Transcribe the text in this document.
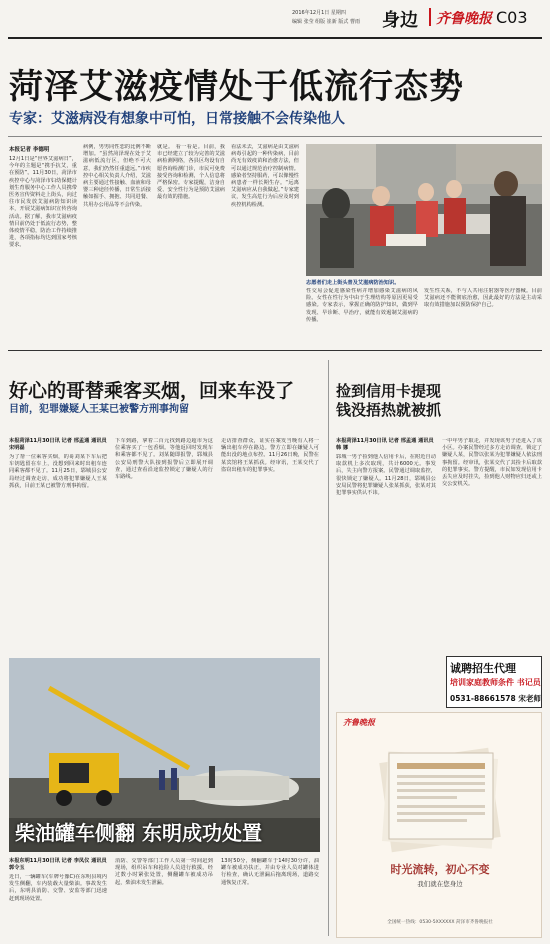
2016年12月1日 星期四
编辑 张莹 组版 崔新 版式 曹雨 身边 齐鲁晚报 C03
菏泽艾滋疫情处于低流行态势
专家：艾滋病没有想象中可怕，日常接触不会传染他人
本报记者 李德明
12月1日是“世界艾滋病日”，今年的主题是“携手抗艾，重在预防”。11月30日，菏泽市疾控中心与菏泽市妇幼保健计划生育服务中心工作人员携带医务宣传资料走上街头，向过往市民发放艾滋病防知识读本，开展艾滋病知识宣传咨询活动。据了解，我市艾滋病疫情目前仍处于低流行态势，整体疫情平稳，防治工作持续推进，各项指标均达到国家考核要求。
病例，男男同性恋的比例不断增加。“虽然菏泽现在处于艾滋病低流行区，但绝不可大意，我们仍然任重道远。”市疾控中心相关负责人介绍，艾滋病主要通过性接触、血液和母婴三种途径传播，日常生活接触如握手、拥抱、共同进餐、共用办公用品等不会传染。
就是。 看一看是。目前，我市已经建立了较为完善的艾滋病检测网络，各县区均设有自愿咨询检测门诊，市民可免费接受咨询和检测，个人信息将严格保密。专家提醒，洁身自爱、安全性行为是预防艾滋病最有效的措施。
看法未去，艾滋病是由艾滋病病毒引起的一种传染病，目前尚无有效疫苗和治愈方法，但可以通过规范治疗控制病情。感染者坚持服药，可以像慢性病患者一样长期生存。“远离艾滋病应从自我做起。”专家建议，发生高危行为后应及时到疾控机构检测。
志愿者们走上街头普及艾滋病防治知识。
性交易会促进感染性病并增加感染艾滋病的风险。女性在性行为中由于生理结构等原因更易受感染。专家表示，掌握正确的防护知识，做到早发现、早诊断、早治疗，就能有效遏制艾滋病的传播。
发生性关系，不与人共用注射器等医疗器械。目前艾滋病还不能彻底治愈，因此最好的方法是主动采取有效措施加以预防保护自己。
好心的哥替乘客买烟，回来车没了
目前，犯罪嫌疑人王某已被警方刑事拘留
本报菏泽11月30日讯 记者 邢孟通 通讯员 宋明磊
为了帮一位乘客买烟，的哥刘某下车后把车钥匙留在车上，没想到回来时出租车连同乘客都不见了。11月25日，郓城县公安局经过调查走访，成功将犯罪嫌疑人王某抓获，目前王某已被警方刑事拘留。
下车到路，拿着二百元找到路边超市为这位乘客买了一包香烟。等他返回时发现车和乘客都不见了。刘某随即报警，郓城县公安局刑警大队接到报警后立即展开调查，通过查看沿途监控锁定了嫌疑人的行车路线。
走访排查群众，证实在案发当晚有人将一辆出租车停在路边。警方立即在嫌疑人可能出没的地点布控。11月26日晚，民警在某宾馆将王某抓获。经审讯，王某交代了盗窃出租车的犯罪事实。
柴油罐车侧翻 东明成功处置
本报东明11月30日讯 记者 李凤仪 通讯员 郭令玉
近日，一辆罐车(车牌号豫C)在东明县境内发生侧翻，车内装载大量柴油。事故发生后，东明县消防、交警、安监等部门迅速赶到现场处置。
消防、交警等部门工作人员第一时间赶到现场，组织吊车和抢险人员进行救援。经过数小时紧张处置，侧翻罐车被成功吊起，柴油未发生泄漏。
13时50分，侧翻罐车于14时30分许，油罐车被成功扶正，并由专业人员对罐体进行检查，确认无泄漏后拖离现场，道路交通恢复正常。
捡到信用卡提现
钱没捂热就被抓
本报菏泽11月30日讯 记者 邢孟通 通讯员 韩 娜
郓城一男子捡到他人信用卡后，在附近自动取款机上多次取现，共计6000元。事发后，失主向警方报案。民警通过调取监控，很快锁定了嫌疑人。11月28日，郓城县公安局民警将犯罪嫌疑人张某抓获，张某对其犯罪事实供认不讳。
一中年男子取走，并发现该男子还进入了该小区。办案民警经过多方走访调查，锁定了嫌疑人某，民警以张某为犯罪嫌疑人依法刑事拘留。经审讯，张某交代了其捡卡后取款的犯罪事实。警方提醒，市民如发现信用卡丢失应及时挂失，捡到他人财物应归还或上交公安机关。
诚聘招生代理
培训家庭教师条件 书记员
0531-88661578 宋老师
齐鲁晚报
时光流转，初心不变
我们就在您身边
全国统一热线：0530-5XXXXXX 菏泽市齐鲁晚报社
